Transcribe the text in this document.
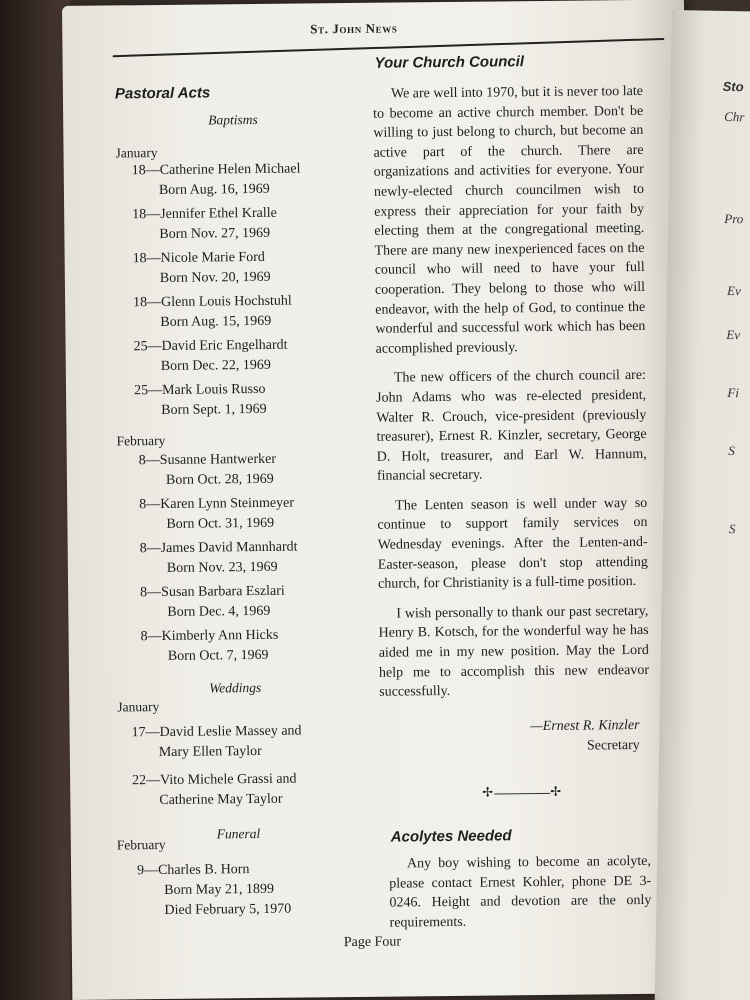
St. John News
Pastoral Acts
Baptisms
January
18—Catherine Helen Michael
Born Aug. 16, 1969
18—Jennifer Ethel Kralle
Born Nov. 27, 1969
18—Nicole Marie Ford
Born Nov. 20, 1969
18—Glenn Louis Hochstuhl
Born Aug. 15, 1969
25—David Eric Engelhardt
Born Dec. 22, 1969
25—Mark Louis Russo
Born Sept. 1, 1969
February
8—Susanne Hantwerker
Born Oct. 28, 1969
8—Karen Lynn Steinmeyer
Born Oct. 31, 1969
8—James David Mannhardt
Born Nov. 23, 1969
8—Susan Barbara Eszlari
Born Dec. 4, 1969
8—Kimberly Ann Hicks
Born Oct. 7, 1969
Weddings
January
17—David Leslie Massey and
Mary Ellen Taylor
22—Vito Michele Grassi and
Catherine May Taylor
Funeral
February
9—Charles B. Horn
Born May 21, 1899
Died February 5, 1970
Your Church Council

We are well into 1970, but it is never too late to become an active church member. Don't be willing to just belong to church, but become an active part of the church. There are organizations and activities for everyone. Your newly-elected church councilmen wish to express their appreciation for your faith by electing them at the congregational meeting. There are many new inexperienced faces on the council who will need to have your full cooperation. They belong to those who will endeavor, with the help of God, to continue the wonderful and successful work which has been accomplished previously.

The new officers of the church council are: John Adams who was re-elected president, Walter R. Crouch, vice-president (previously treasurer), Ernest R. Kinzler, secretary, George D. Holt, treasurer, and Earl W. Hannum, financial secretary.

The Lenten season is well under way so continue to support family services on Wednesday evenings. After the Lenten-and-Easter-season, please don't stop attending church, for Christianity is a full-time position.

I wish personally to thank our past secretary, Henry B. Kotsch, for the wonderful way he has aided me in my new position. May the Lord help me to accomplish this new endeavor successfully.

—Ernest R. Kinzler
Secretary
✢	✢
Acolytes Needed

Any boy wishing to become an acolyte, please contact Ernest Kohler, phone DE 3-0246. Height and devotion are the only requirements.

Page Four
Sto
Chr
Pro
Ev
Ev
Fi
S
S
